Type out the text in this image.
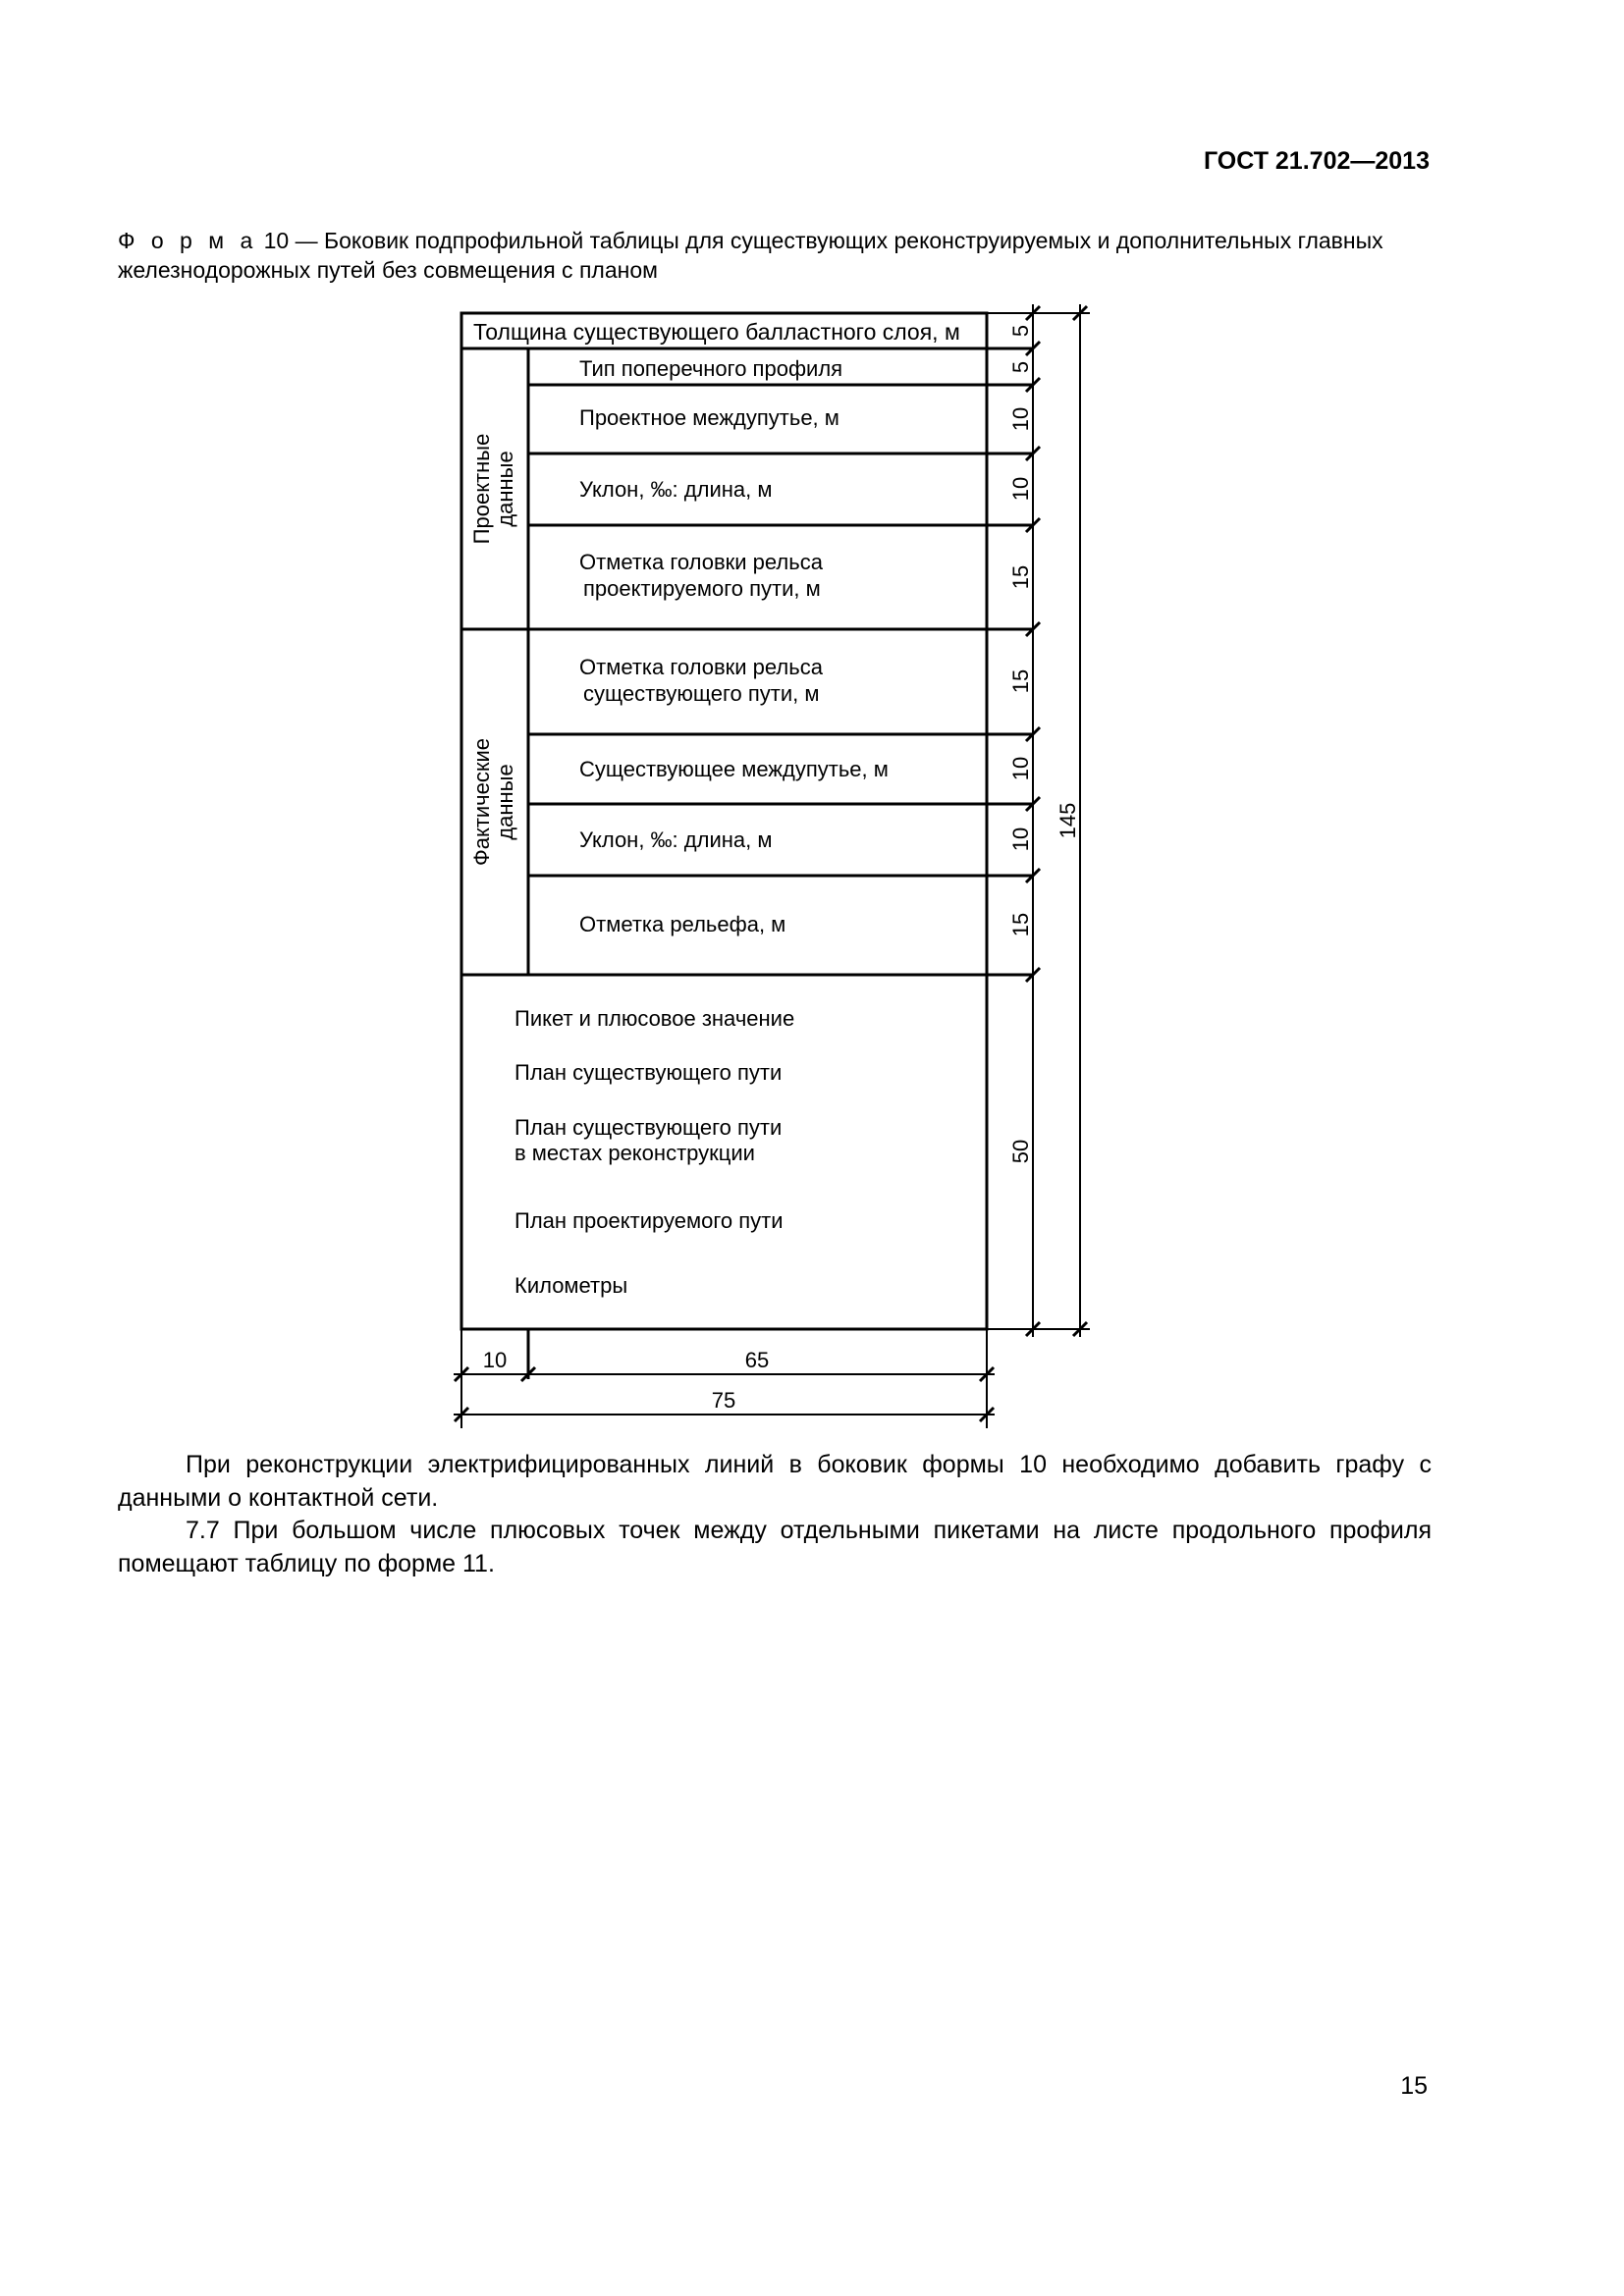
ГОСТ 21.702—2013
Ф о р м а 10 — Боковик подпрофильной таблицы для существующих реконструируемых и дополнительных главных железнодорожных путей без совмещения с планом
Толщина существующего балластного слоя, м
Тип поперечного профиля
Проектное междупутье, м
Уклон, ‰: длина, м
Отметка головки рельса
проектируемого пути, м
Отметка головки рельса
существующего пути, м
Существующее междупутье, м
Уклон, ‰: длина, м
Отметка рельефа, м
Пикет и плюсовое значение
План существующего пути
План существующего пути
в местах реконструкции
План проектируемого пути
Километры
Проектные данные
Фактические данные
5
5
10
10
15
15
10
10
15
50
145
10	65
75
При реконструкции электрифицированных линий в боковик формы 10 необходимо добавить графу с данными о контактной сети.
7.7 При большом числе плюсовых точек между отдельными пикетами на листе продольного профиля помещают таблицу по форме 11.
15
